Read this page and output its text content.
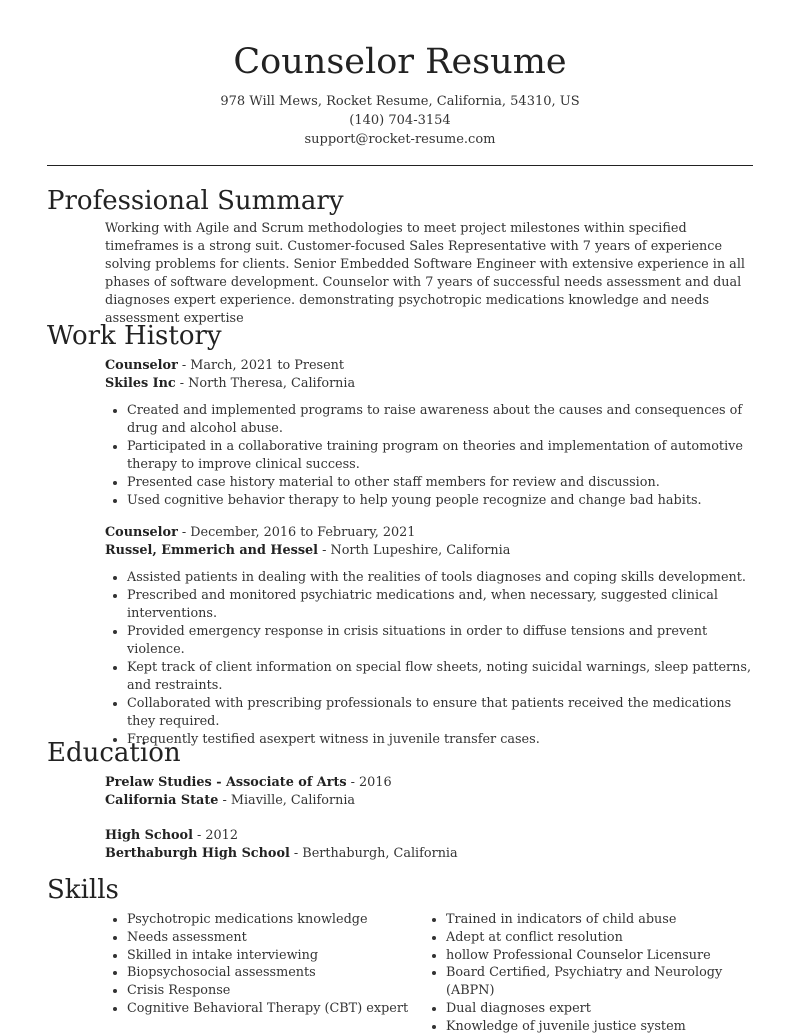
Counselor Resume
978 Will Mews, Rocket Resume, California, 54310, US
(140) 704-3154
support@rocket-resume.com
Professional Summary

Working with Agile and Scrum methodologies to meet project milestones within specified timeframes is a strong suit. Customer-focused Sales Representative with 7 years of experience solving problems for clients. Senior Embedded Software Engineer with extensive experience in all phases of software development. Counselor with 7 years of successful needs assessment and dual diagnoses expert experience. demonstrating psychotropic medications knowledge and needs assessment expertise

Work History

Counselor - March, 2021 to Present

Skiles Inc - North Theresa, California

• Created and implemented programs to raise awareness about the causes and consequences of drug and alcohol abuse.
• Participated in a collaborative training program on theories and implementation of automotive therapy to improve clinical success.
• Presented case history material to other staff members for review and discussion.
• Used cognitive behavior therapy to help young people recognize and change bad habits.

Counselor - December, 2016 to February, 2021

Russel, Emmerich and Hessel - North Lupeshire, California

• Assisted patients in dealing with the realities of tools diagnoses and coping skills development.
• Prescribed and monitored psychiatric medications and, when necessary, suggested clinical interventions.
• Provided emergency response in crisis situations in order to diffuse tensions and prevent violence.
• Kept track of client information on special flow sheets, noting suicidal warnings, sleep patterns, and restraints.
• Collaborated with prescribing professionals to ensure that patients received the medications they required.
• Frequently testified asexpert witness in juvenile transfer cases.
Education

Prelaw Studies - Associate of Arts - 2016

California State - Miaville, California

High School - 2012

Berthaburgh High School - Berthaburgh, California

Skills
• Psychotropic medications knowledge
• Needs assessment
• Skilled in intake interviewing
• Biopsychosocial assessments
• Crisis Response
• Cognitive Behavioral Therapy (CBT) expert
• Trained in indicators of child abuse
• Adept at conflict resolution
• hollow Professional Counselor Licensure
• Board Certified, Psychiatry and Neurology (ABPN)
• Dual diagnoses expert
• Knowledge of juvenile justice system
